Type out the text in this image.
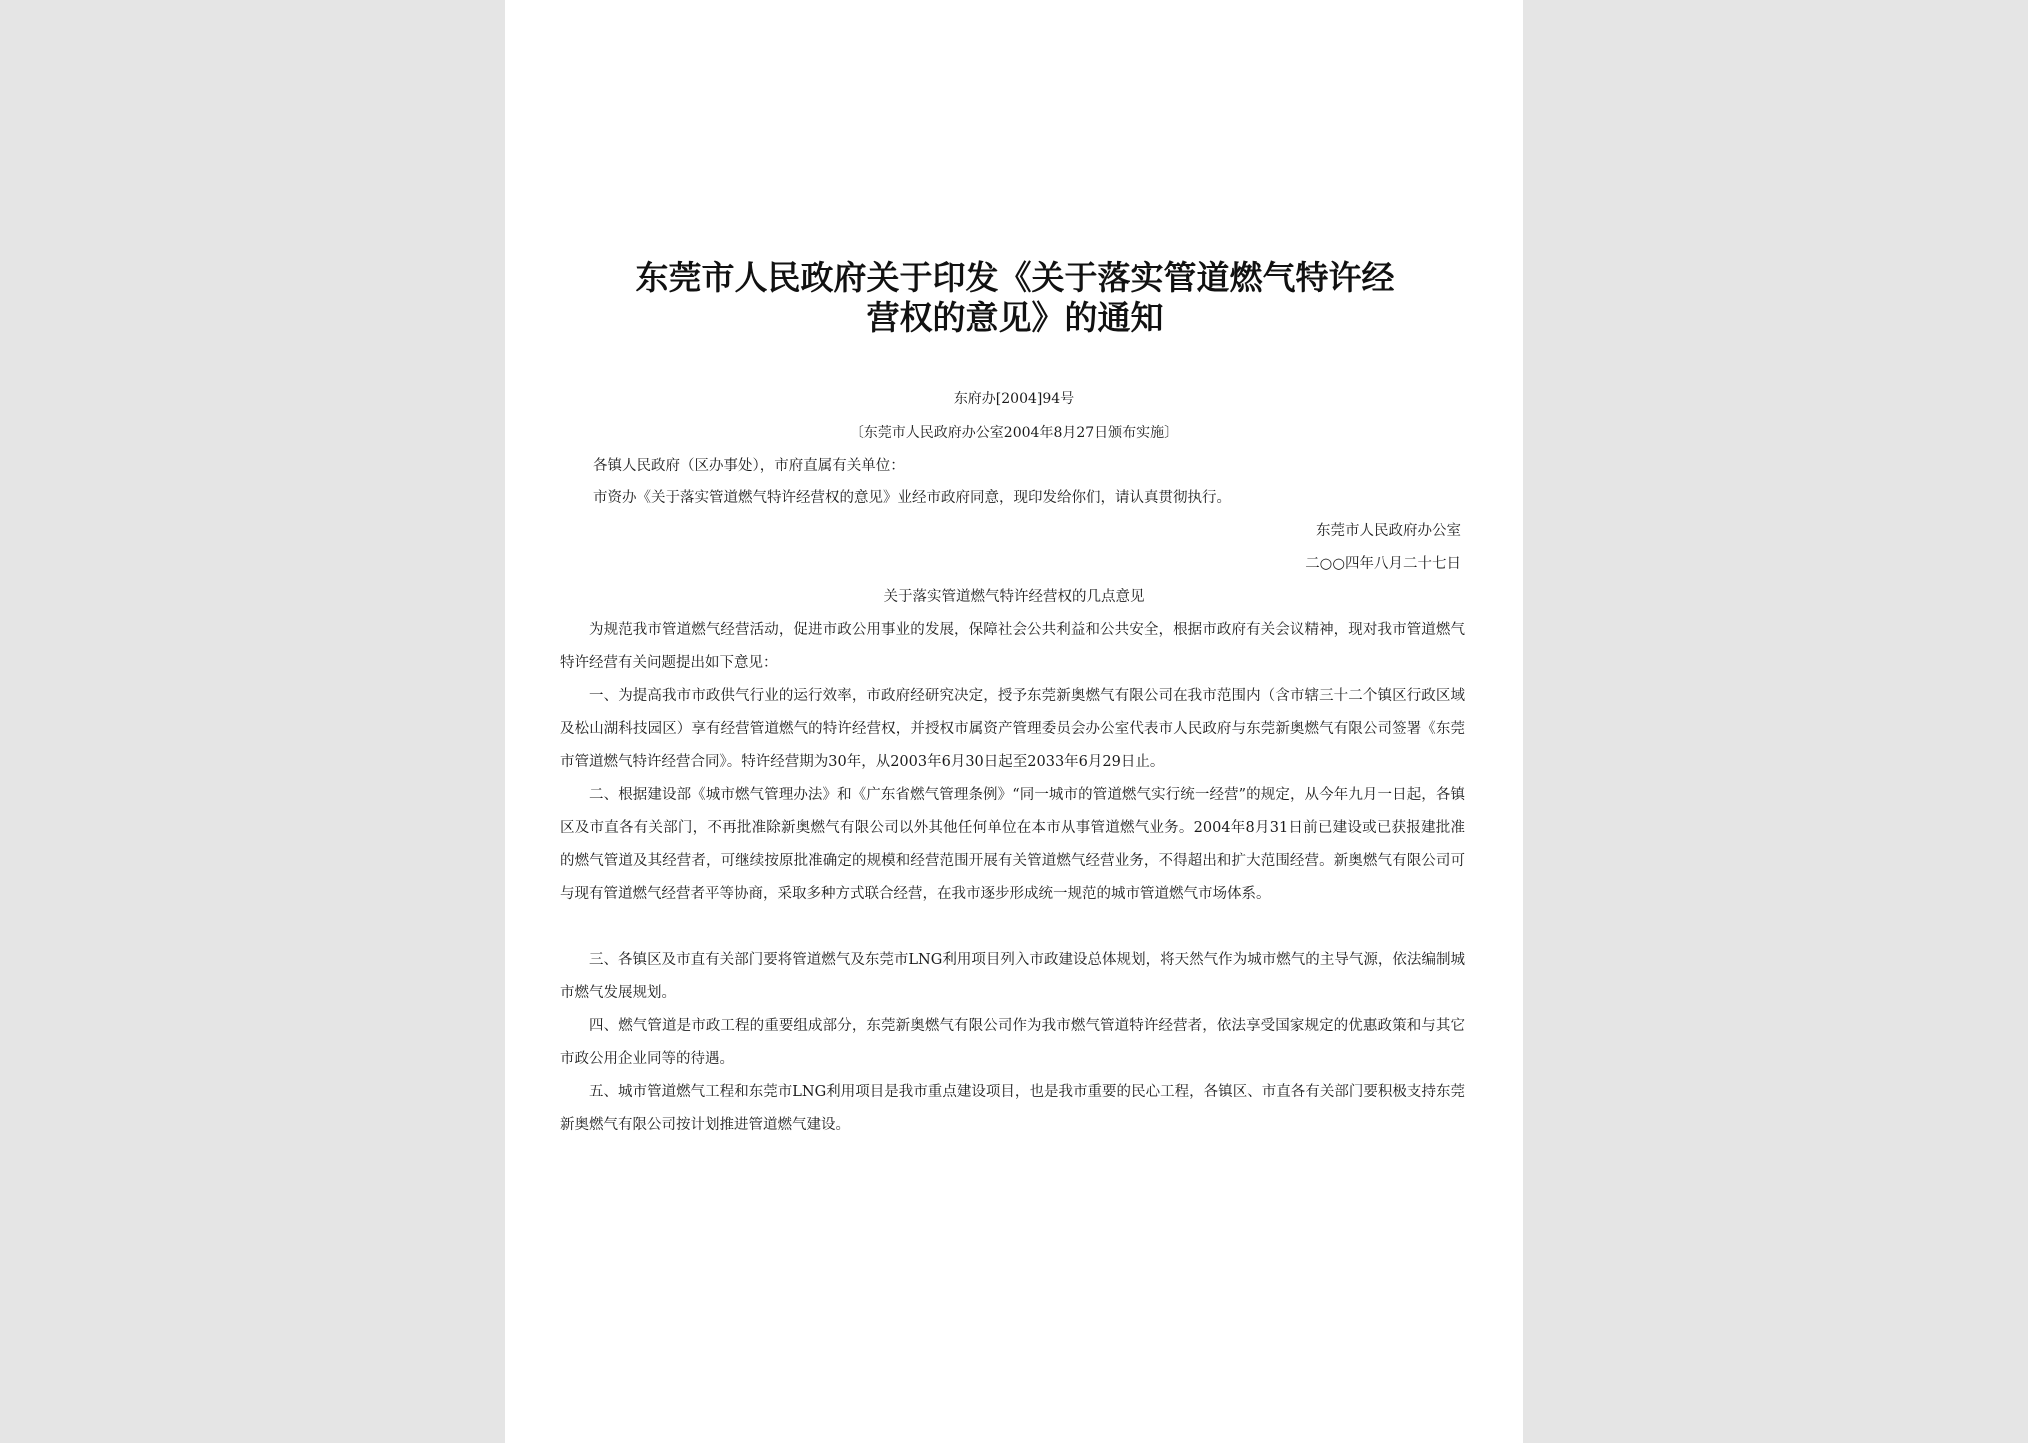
东莞市人民政府关于印发《关于落实管道燃气特许经
营权的意见》的通知
东府办[2004]94号
〔东莞市人民政府办公室2004年8月27日颁布实施〕
各镇人民政府（区办事处），市府直属有关单位：
市资办《关于落实管道燃气特许经营权的意见》业经市政府同意，现印发给你们，请认真贯彻执行。
东莞市人民政府办公室
二○○四年八月二十七日
关于落实管道燃气特许经营权的几点意见

为规范我市管道燃气经营活动，促进市政公用事业的发展，保障社会公共利益和公共安全，根据市政府有关会议精神，现对我市管道燃气特许经营有关问题提出如下意见：

一、为提高我市市政供气行业的运行效率，市政府经研究决定，授予东莞新奥燃气有限公司在我市范围内（含市辖三十二个镇区行政区域及松山湖科技园区）享有经营管道燃气的特许经营权，并授权市属资产管理委员会办公室代表市人民政府与东莞新奥燃气有限公司签署《东莞市管道燃气特许经营合同》。特许经营期为30年，从2003年6月30日起至2033年6月29日止。

二、根据建设部《城市燃气管理办法》和《广东省燃气管理条例》“同一城市的管道燃气实行统一经营”的规定，从今年九月一日起，各镇区及市直各有关部门，不再批准除新奥燃气有限公司以外其他任何单位在本市从事管道燃气业务。2004年8月31日前已建设或已获报建批准的燃气管道及其经营者，可继续按原批准确定的规模和经营范围开展有关管道燃气经营业务，不得超出和扩大范围经营。新奥燃气有限公司可与现有管道燃气经营者平等协商，采取多种方式联合经营，在我市逐步形成统一规范的城市管道燃气市场体系。

三、各镇区及市直有关部门要将管道燃气及东莞市LNG利用项目列入市政建设总体规划，将天然气作为城市燃气的主导气源，依法编制城市燃气发展规划。

四、燃气管道是市政工程的重要组成部分，东莞新奥燃气有限公司作为我市燃气管道特许经营者，依法享受国家规定的优惠政策和与其它市政公用企业同等的待遇。

五、城市管道燃气工程和东莞市LNG利用项目是我市重点建设项目，也是我市重要的民心工程，各镇区、市直各有关部门要积极支持东莞新奥燃气有限公司按计划推进管道燃气建设。
